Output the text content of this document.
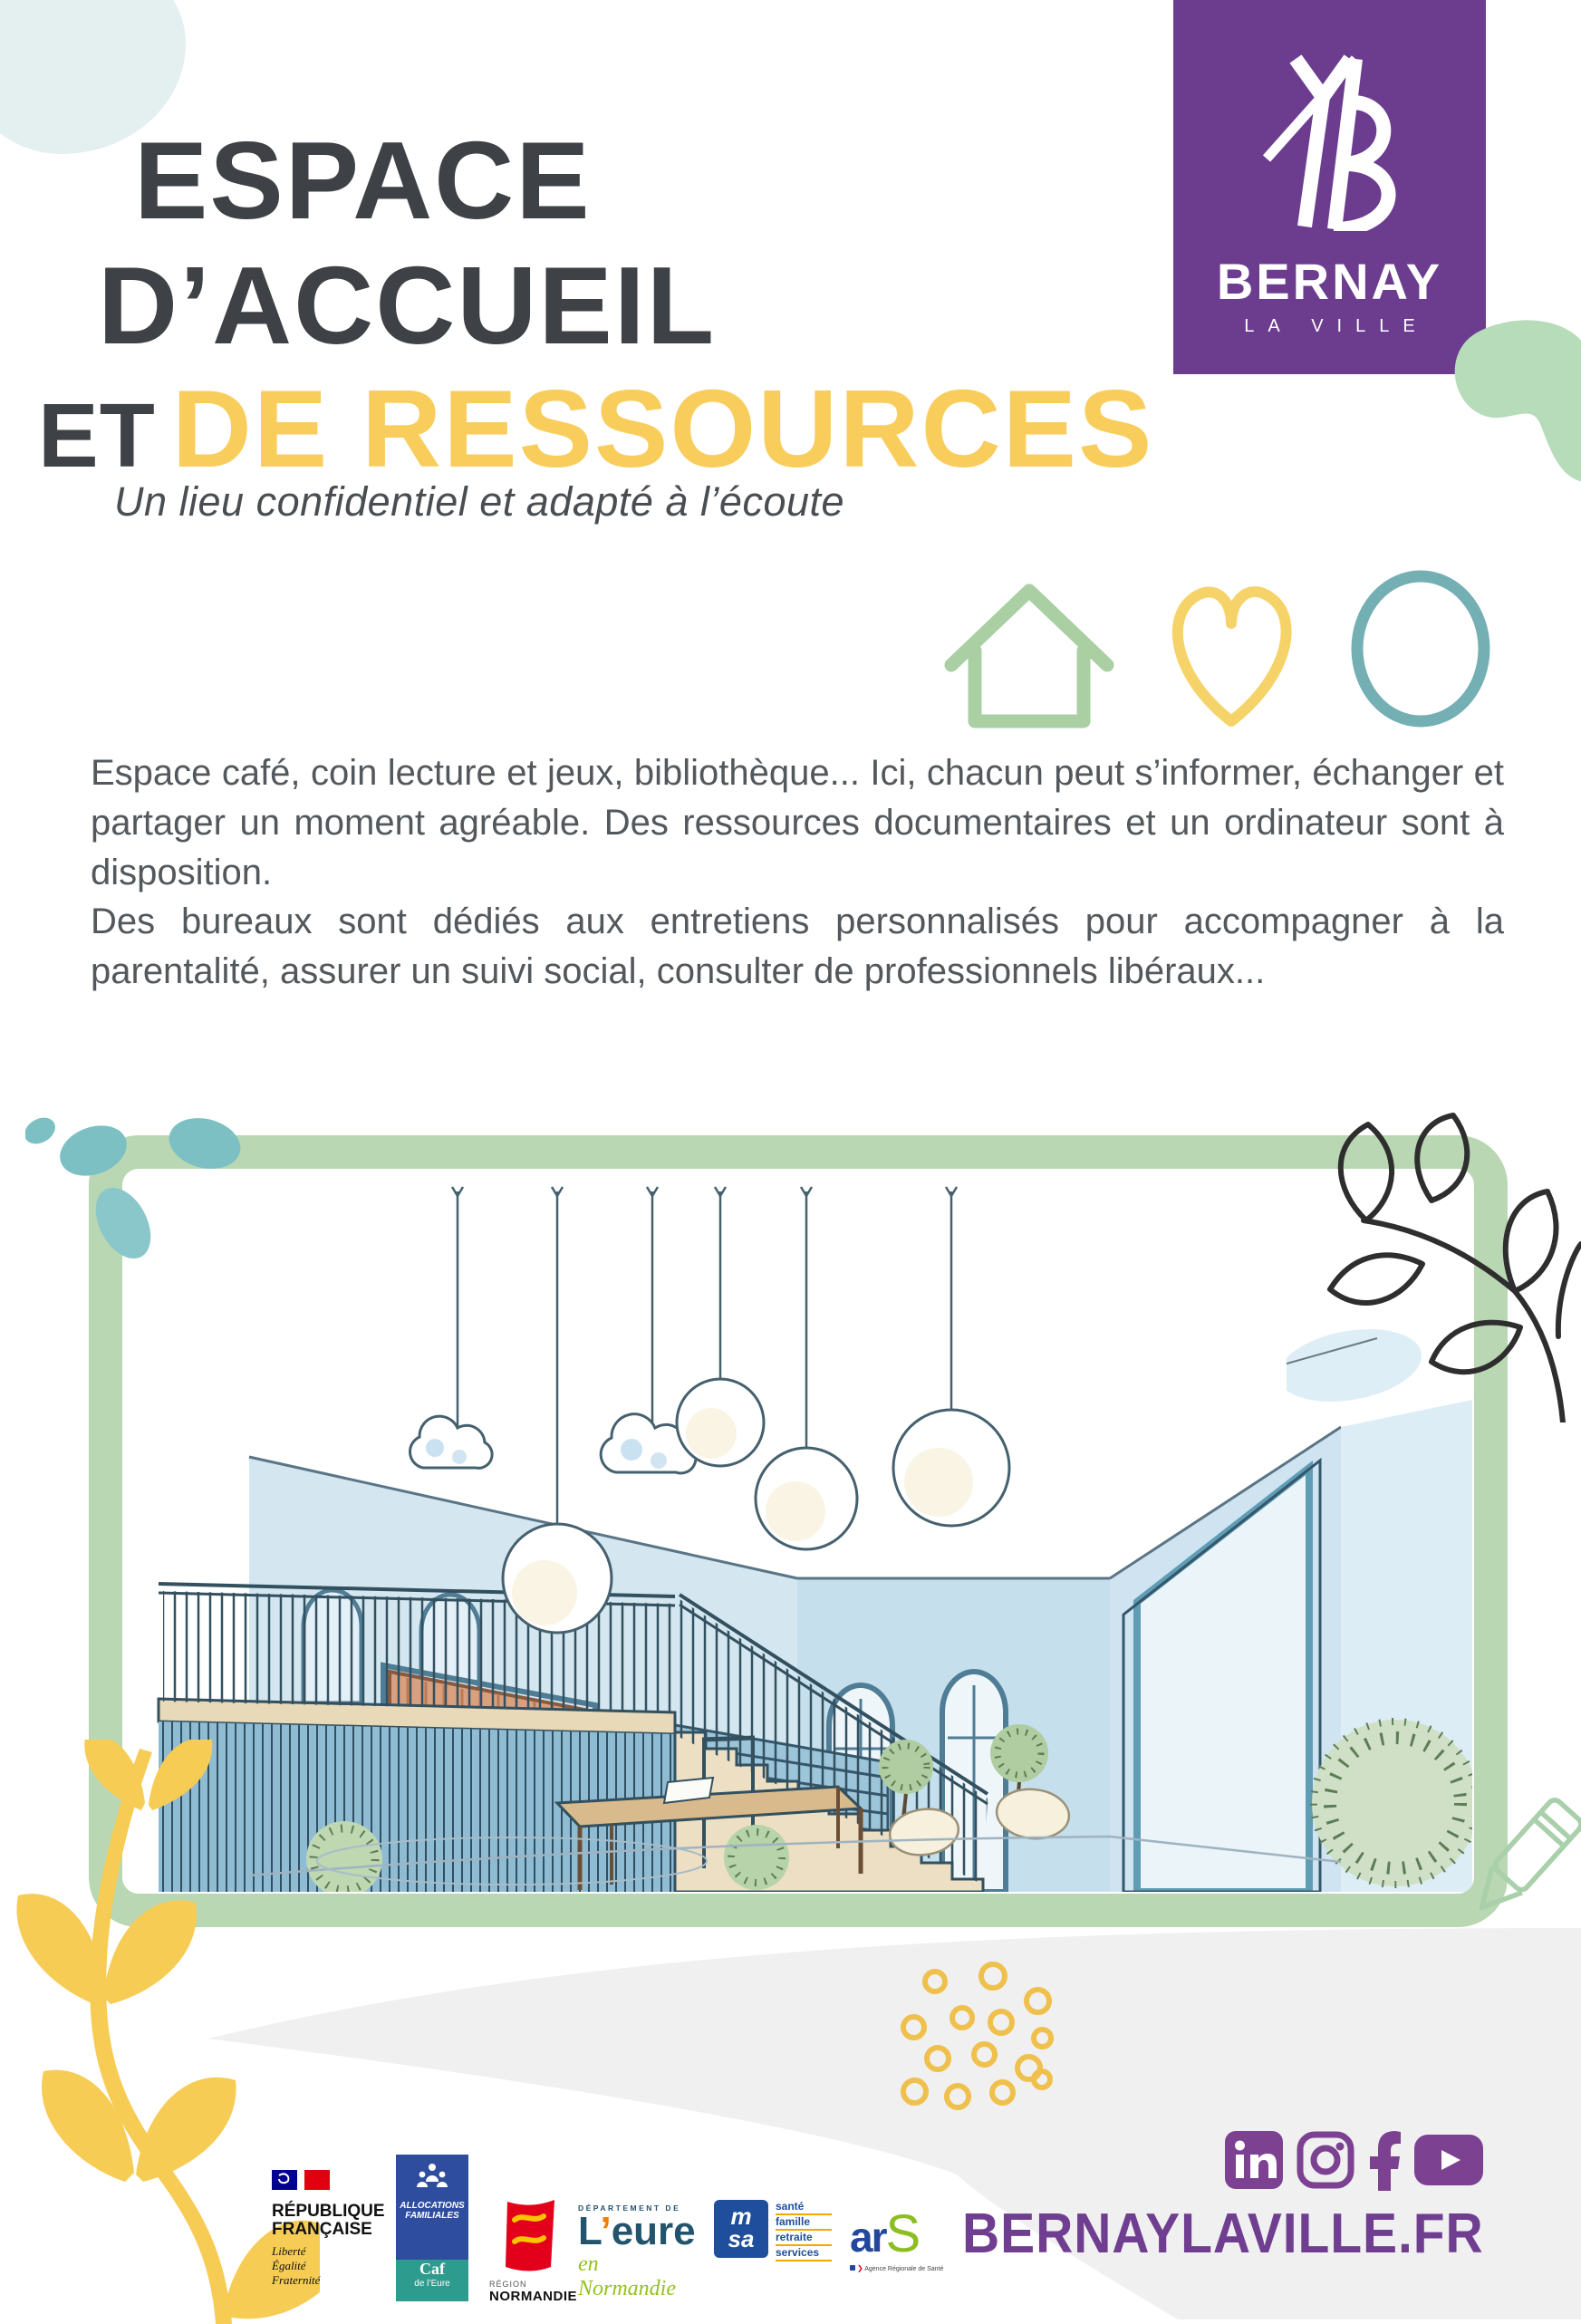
ESPACE
D’ACCUEIL
ET DE RESSOURCES
Un lieu confidentiel et adapté à l’écoute
BERNAY
LA VILLE

Espace café, coin lecture et jeux, bibliothèque... Ici, chacun peut s’informer, échanger et partager un moment agréable. Des ressources documentaires et un ordinateur sont à disposition.

Des bureaux sont dédiés aux entretiens personnalisés pour accompagner à la parentalité, assurer un suivi social, consulter de professionnels libéraux...

RÉPUBLIQUE
FRANÇAISE
Liberté
Égalité
Fraternité
ALLOCATIONS
FAMILIALES
Caf
de l’Eure	RÉGION
NORMANDIE
DÉPARTEMENT DE
L’eure
en Normandie
m
sa
santé
famille
retraite
services arS
❯ Agence Régionale de Santé
BERNAYLAVILLE.FR
